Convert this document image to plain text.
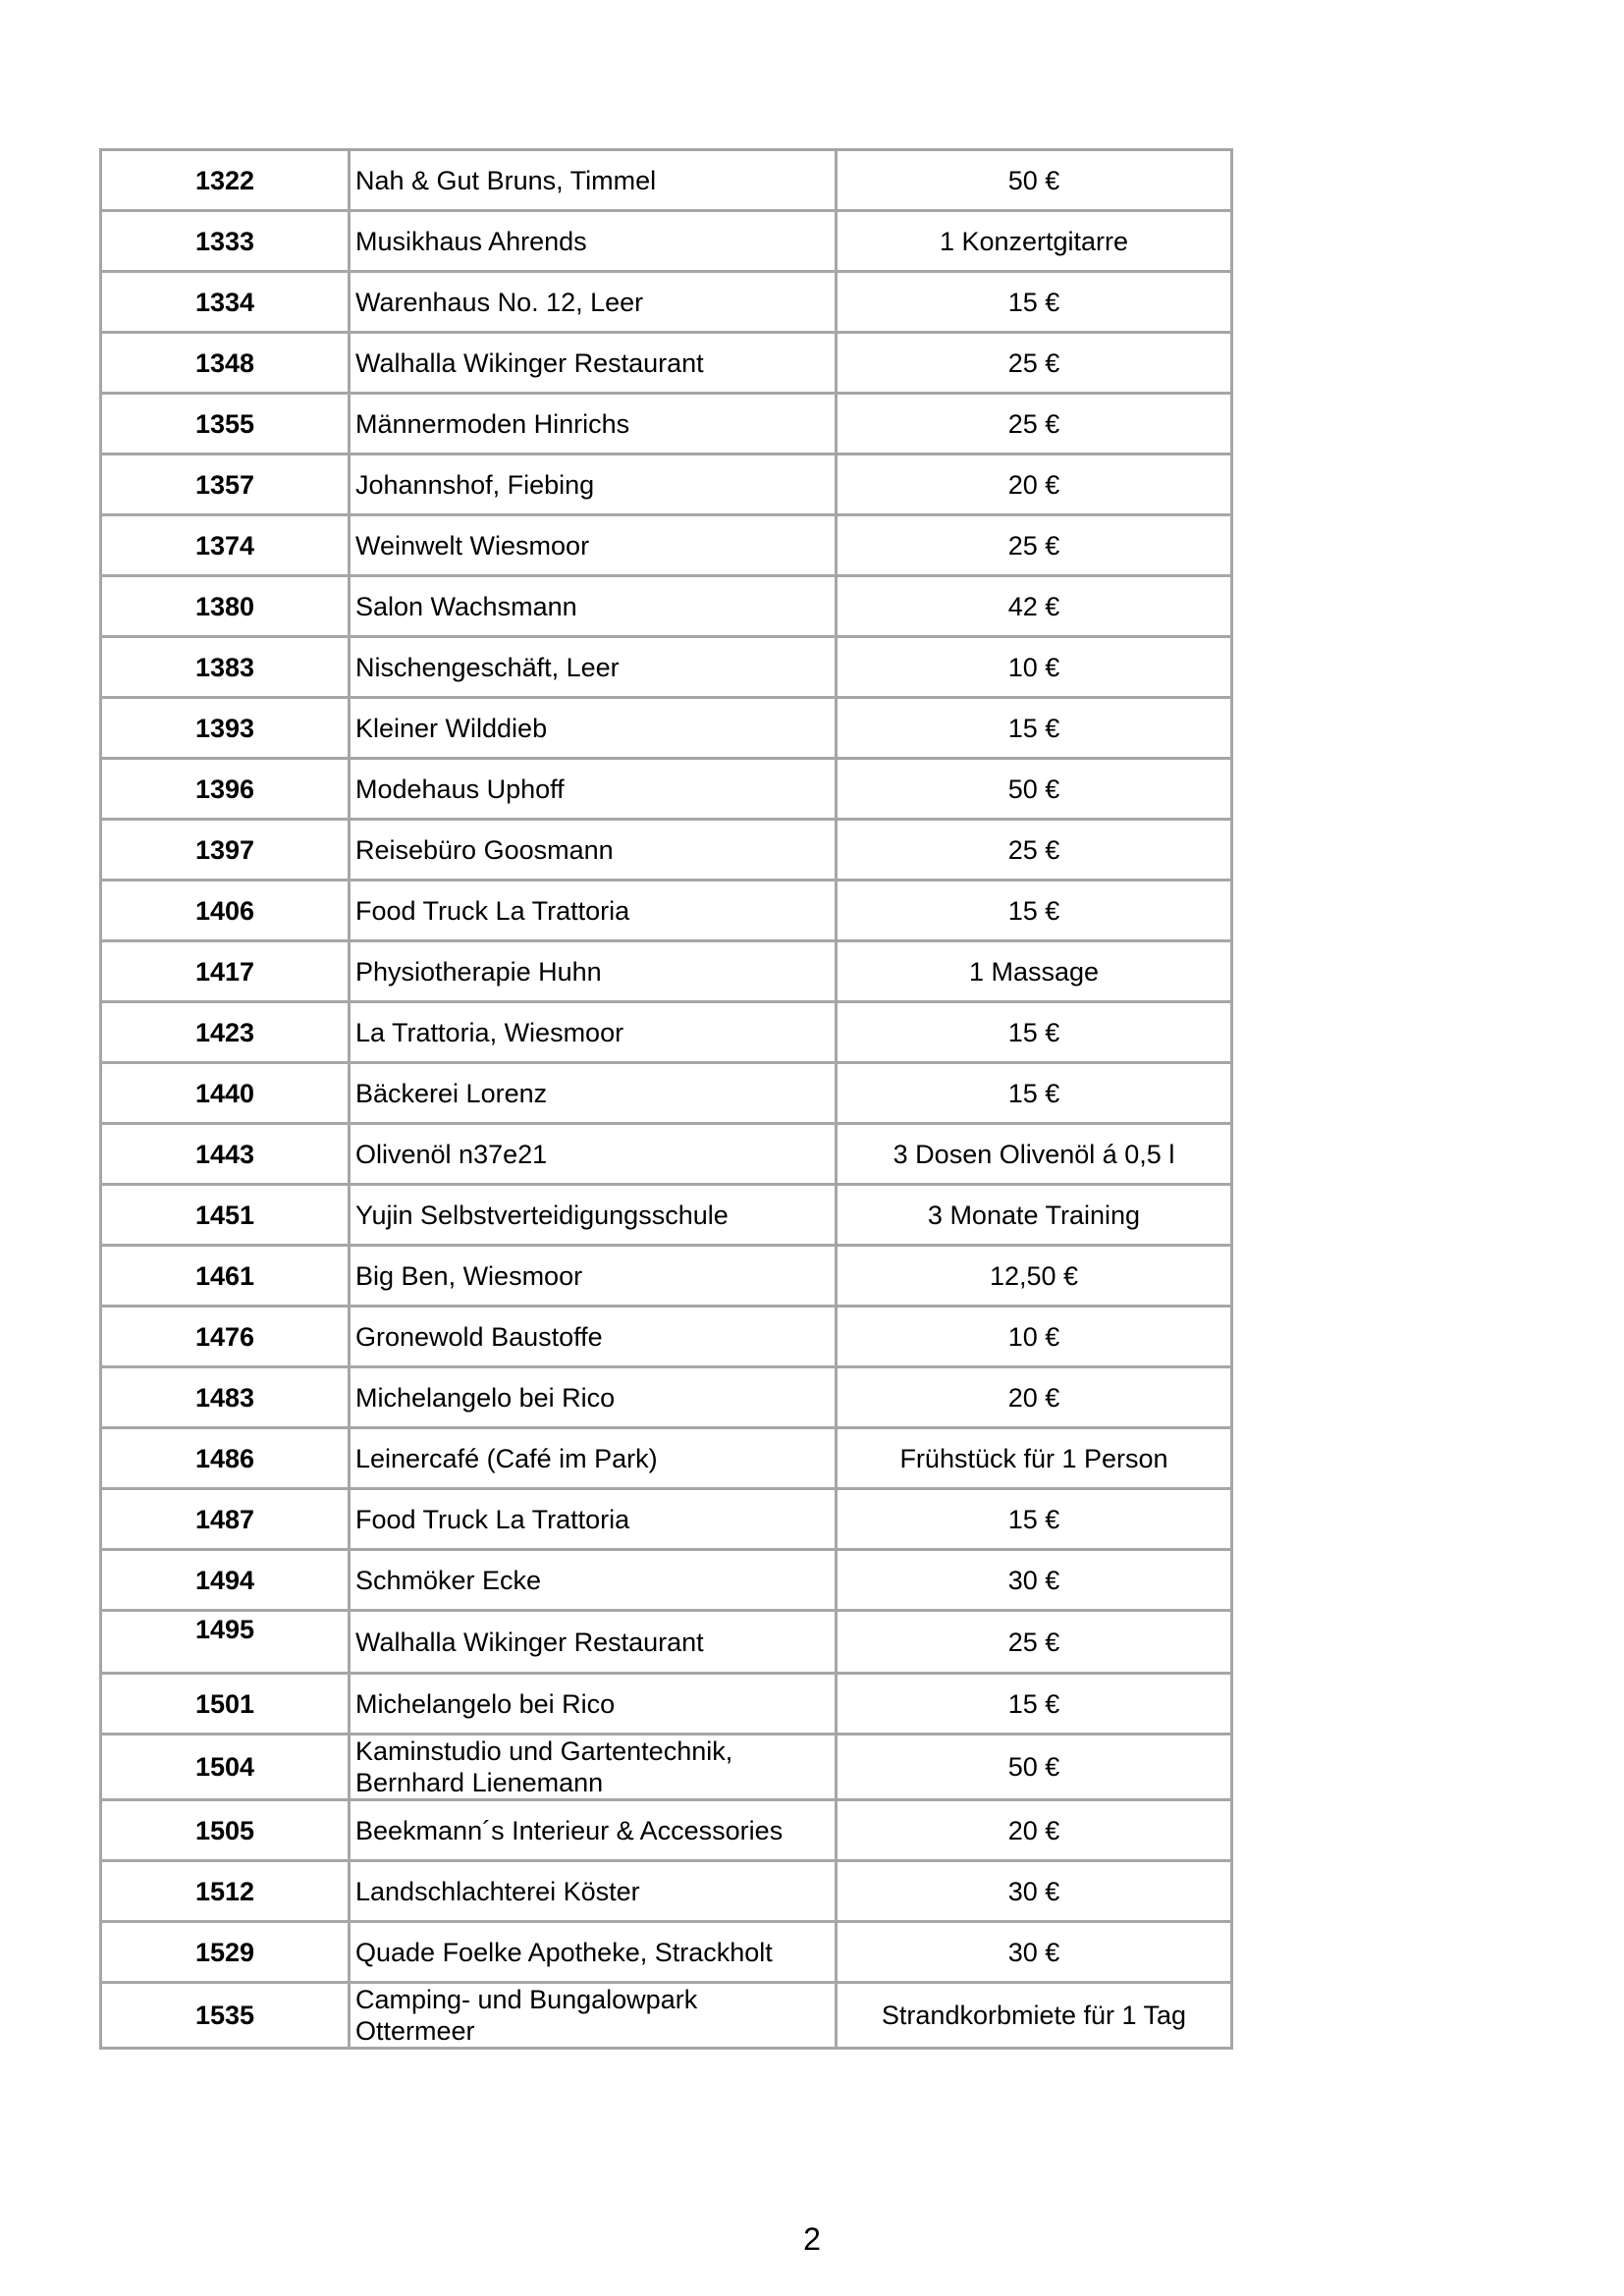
1322	Nah & Gut Bruns, Timmel	50 €
1333	Musikhaus Ahrends	1 Konzertgitarre
1334	Warenhaus No. 12, Leer	15 €
1348	Walhalla Wikinger Restaurant	25 €
1355	Männermoden Hinrichs	25 €
1357	Johannshof, Fiebing	20 €
1374	Weinwelt Wiesmoor	25 €
1380	Salon Wachsmann	42 €
1383	Nischengeschäft, Leer	10 €
1393	Kleiner Wilddieb	15 €
1396	Modehaus Uphoff	50 €
1397	Reisebüro Goosmann	25 €
1406	Food Truck La Trattoria	15 €
1417	Physiotherapie Huhn	1 Massage
1423	La Trattoria, Wiesmoor	15 €
1440	Bäckerei Lorenz	15 €
1443	Olivenöl n37e21	3 Dosen Olivenöl á 0,5 l
1451	Yujin Selbstverteidigungsschule	3 Monate Training
1461	Big Ben, Wiesmoor	12,50 €
1476	Gronewold Baustoffe	10 €
1483	Michelangelo bei Rico	20 €
1486	Leinercafé (Café im Park)	Frühstück für 1 Person
1487	Food Truck La Trattoria	15 €
1494	Schmöker Ecke	30 €
1495	Walhalla Wikinger Restaurant	25 €
1501	Michelangelo bei Rico	15 €
1504	Kaminstudio und Gartentechnik,
Bernhard Lienemann	50 €
1505	Beekmann´s Interieur & Accessories	20 €
1512	Landschlachterei Köster	30 €
1529	Quade Foelke Apotheke, Strackholt	30 €
1535	Camping- und Bungalowpark
Ottermeer	Strandkorbmiete für 1 Tag
2
